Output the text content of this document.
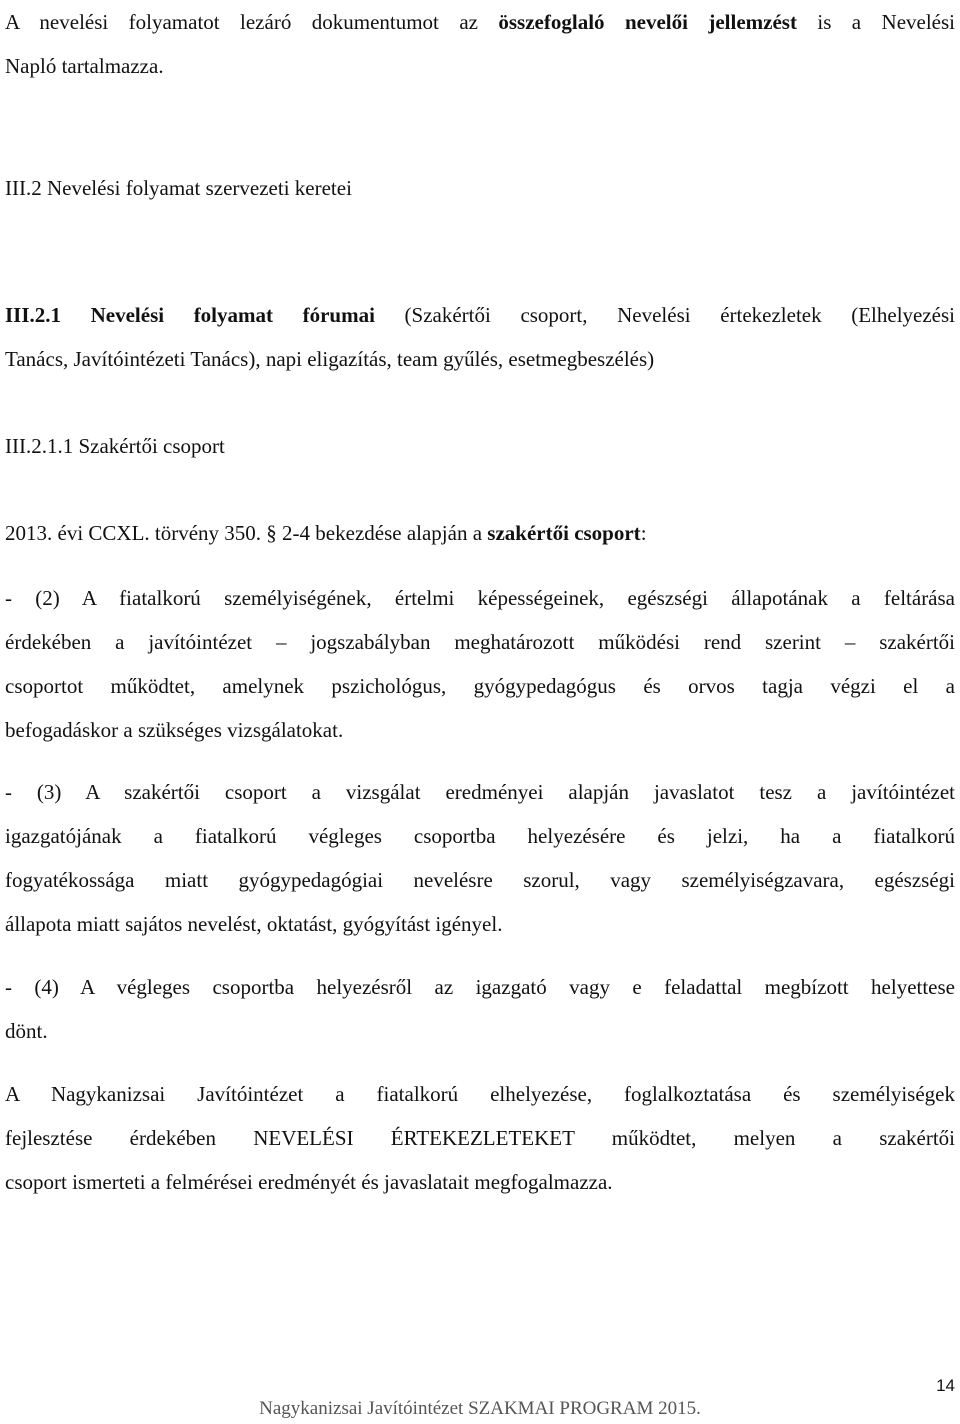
A nevelési folyamatot lezáró dokumentumot az összefoglaló nevelői jellemzést is a Nevelési
Napló tartalmazza.

III.2 Nevelési folyamat szervezeti keretei

III.2.1 Nevelési folyamat fórumai (Szakértői csoport, Nevelési értekezletek (Elhelyezési
Tanács, Javítóintézeti Tanács), napi eligazítás, team gyűlés, esetmegbeszélés)

III.2.1.1 Szakértői csoport

2013. évi CCXL. törvény 350. § 2-4 bekezdése alapján a szakértői csoport:

- (2) A fiatalkorú személyiségének, értelmi képességeinek, egészségi állapotának a feltárása
érdekében a javítóintézet – jogszabályban meghatározott működési rend szerint – szakértői
csoportot működtet, amelynek pszichológus, gyógypedagógus és orvos tagja végzi el a
befogadáskor a szükséges vizsgálatokat.

- (3) A szakértői csoport a vizsgálat eredményei alapján javaslatot tesz a javítóintézet
igazgatójának a fiatalkorú végleges csoportba helyezésére és jelzi, ha a fiatalkorú
fogyatékossága miatt gyógypedagógiai nevelésre szorul, vagy személyiségzavara, egészségi
állapota miatt sajátos nevelést, oktatást, gyógyítást igényel.

- (4) A végleges csoportba helyezésről az igazgató vagy e feladattal megbízott helyettese
dönt.

A Nagykanizsai Javítóintézet a fiatalkorú elhelyezése, foglalkoztatása és személyiségek
fejlesztése érdekében NEVELÉSI ÉRTEKEZLETEKET működtet, melyen a szakértői
csoport ismerteti a felmérései eredményét és javaslatait megfogalmazza.

14
Nagykanizsai Javítóintézet SZAKMAI PROGRAM 2015.
